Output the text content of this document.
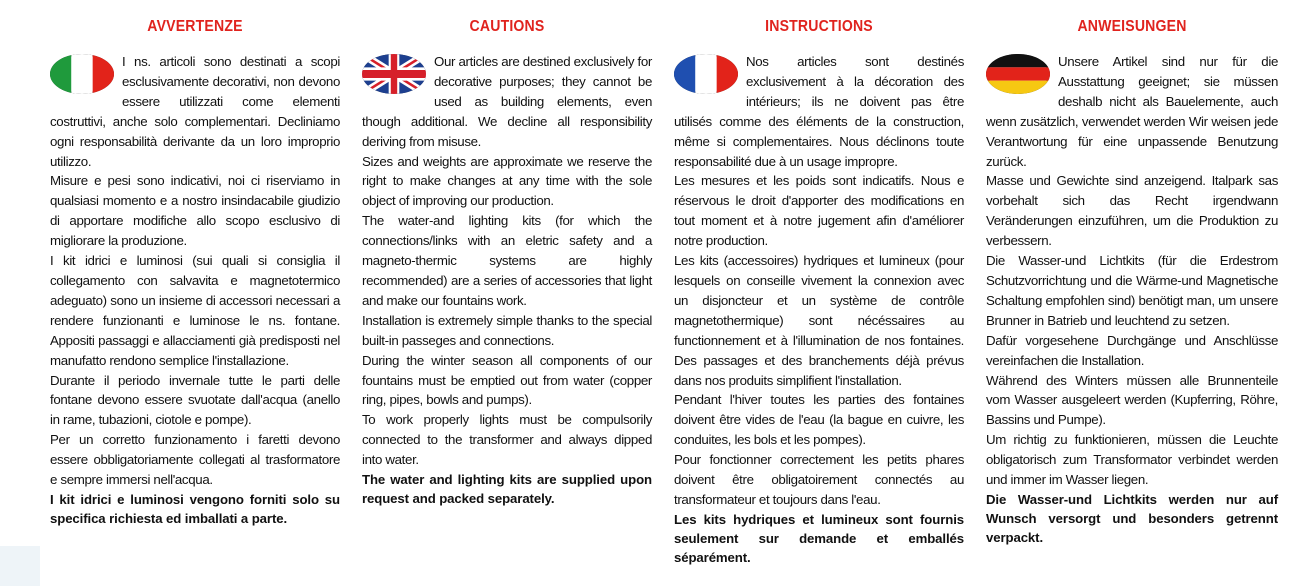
AVVERTENZE

I ns. articoli sono destinati a scopi esclusivamente decorativi, non devono essere utilizzati come elementi costruttivi, anche solo complementari. Decliniamo ogni responsabilità derivante da un loro improprio utilizzo.

Misure e pesi sono indicativi, noi ci riserviamo in qualsiasi momento e a nostro insindacabile giudizio di apportare modifiche allo scopo esclusivo di migliorare la produzione.

I kit idrici e luminosi (sui quali si consiglia il collegamento con salvavita e magnetotermico adeguato) sono un insieme di accessori necessari a rendere funzionanti e luminose le ns. fontane. Appositi passaggi e allacciamenti già predisposti nel manufatto rendono semplice l'installazione.

Durante il periodo invernale tutte le parti delle fontane devono essere svuotate dall'acqua (anello in rame, tubazioni, ciotole e pompe).

Per un corretto funzionamento i faretti devono essere obbligatoriamente collegati al trasformatore e sempre immersi nell'acqua.

I kit idrici e luminosi vengono forniti solo su specifica richiesta ed imballati a parte.

CAUTIONS

Our articles are destined exclusively for decorative purposes; they cannot be used as building elements, even though additional. We decline all responsibility deriving from misuse.

Sizes and weights are approximate we reserve the right to make changes at any time with the sole object of improving our production.

The water-and lighting kits (for which the connections/links with an eletric safety and a magneto-thermic systems are highly recommended) are a series of accessories that light and make our fountains work.

Installation is extremely simple thanks to the special built-in passeges and connections.

During the winter season all components of our fountains must be emptied out from water (copper ring, pipes, bowls and pumps).

To work properly lights must be compulsorily connected to the transformer and always dipped into water.

The water and lighting kits are supplied upon request and packed separately.

INSTRUCTIONS

Nos articles sont destinés exclusivement à la décoration des intérieurs; ils ne doivent pas être utilisés comme des éléments de la construction, même si complementaires. Nous déclinons toute responsabilité due à un usage impropre.

Les mesures et les poids sont indicatifs. Nous e réservous le droit d'apporter des modifications en tout moment et à notre jugement afin d'améliorer notre production.

Les kits (accessoires) hydriques et lumineux (pour lesquels on conseille vivement la connexion avec un disjoncteur et un système de contrôle magnetothermique) sont nécéssaires au functionnement et à l'illumination de nos fontaines. Des passages et des branchements déjà prévus dans nos produits simplifient l'installation.

Pendant l'hiver toutes les parties des fontaines doivent être vides de l'eau (la bague en cuivre, les conduites, les bols et les pompes).

Pour fonctionner correctement les petits phares doivent être obligatoirement connectés au transformateur et toujours dans l'eau.

Les kits hydriques et lumineux sont fournis seulement sur demande et emballés séparément.

ANWEISUNGEN

Unsere Artikel sind nur für die Ausstattung geeignet; sie müssen deshalb nicht als Bauelemente, auch wenn zusätzlich, verwendet werden Wir weisen jede Verantwortung für eine unpassende Benutzung zurück.

Masse und Gewichte sind anzeigend. Italpark sas vorbehalt sich das Recht irgendwann Veränderungen einzuführen, um die Produktion zu verbessern.

Die Wasser-und Lichtkits (für die Erdestrom Schutzvorrichtung und die Wärme-und Magnetische Schaltung empfohlen sind) benötigt man, um unsere Brunner in Batrieb und leuchtend zu setzen.

Dafür vorgesehene Durchgänge und Anschlüsse vereinfachen die Installation.

Während des Winters müssen alle Brunnenteile vom Wasser ausgeleert werden (Kupferring, Röhre, Bassins und Pumpe).

Um richtig zu funktionieren, müssen die Leuchte obligatorisch zum Transformator verbindet werden und immer im Wasser liegen.

Die Wasser-und Lichtkits werden nur auf Wunsch versorgt und besonders getrennt verpackt.
